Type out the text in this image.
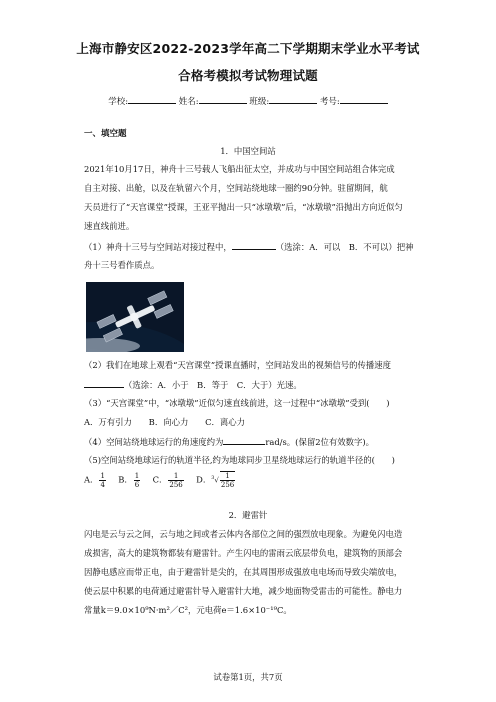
上海市静安区2022-2023学年高二下学期期末学业水平考试
合格考模拟考试物理试题
学校:	姓名:	班级:	考号:
一、填空题
1．中国空间站
2021年10月17日，神舟十三号载人飞船出征太空，并成功与中国空间站组合体完成
自主对接、出舱，以及在轨留六个月，空间站绕地球一圈约90分钟。驻留期间，航
天员进行了“天宫课堂”授课，王亚平抛出一只“冰墩墩”后，“冰墩墩”沿抛出方向近似匀
速直线前进。
（1）神舟十三号与空间站对接过程中，	（选涂：A．可以　B．不可以）把神
舟十三号看作质点。
（2）我们在地球上观看“天宫课堂”授课直播时，空间站发出的视频信号的传播速度
（选涂：A．小于　B．等于　C．大于）光速。
（3）“天宫课堂”中，“冰墩墩”近似匀速直线前进，这一过程中“冰墩墩”受到(　　)
A．万有引力　　B．向心力　　C．离心力
（4）空间站绕地球运行的角速度约为	rad/s。(保留2位有效数字)。
（5)空间站绕地球运行的轨道半径,约为地球同步卫星绕地球运行的轨道半径的(　　)
A． $\frac{1}{4}$ B． $\frac{1}{6}$ C． $\frac{1}{256}$ D．$^3√ \frac{1}{256}$
2．避雷针
闪电是云与云之间，云与地之间或者云体内各部位之间的强烈放电现象。为避免闪电造
成损害，高大的建筑物都装有避雷针。产生闪电的雷雨云底层带负电，建筑物的顶部会
因静电感应而带正电，由于避雷针是尖的，在其周围形成强放电电场而导致尖端放电，
使云层中积累的电荷通过避雷针导入避雷针大地，减少地面物受雷击的可能性。静电力
常量k＝9.0×10⁹N·m²／C²，元电荷e＝1.6×10⁻¹⁹C。
试卷第1页，共7页
